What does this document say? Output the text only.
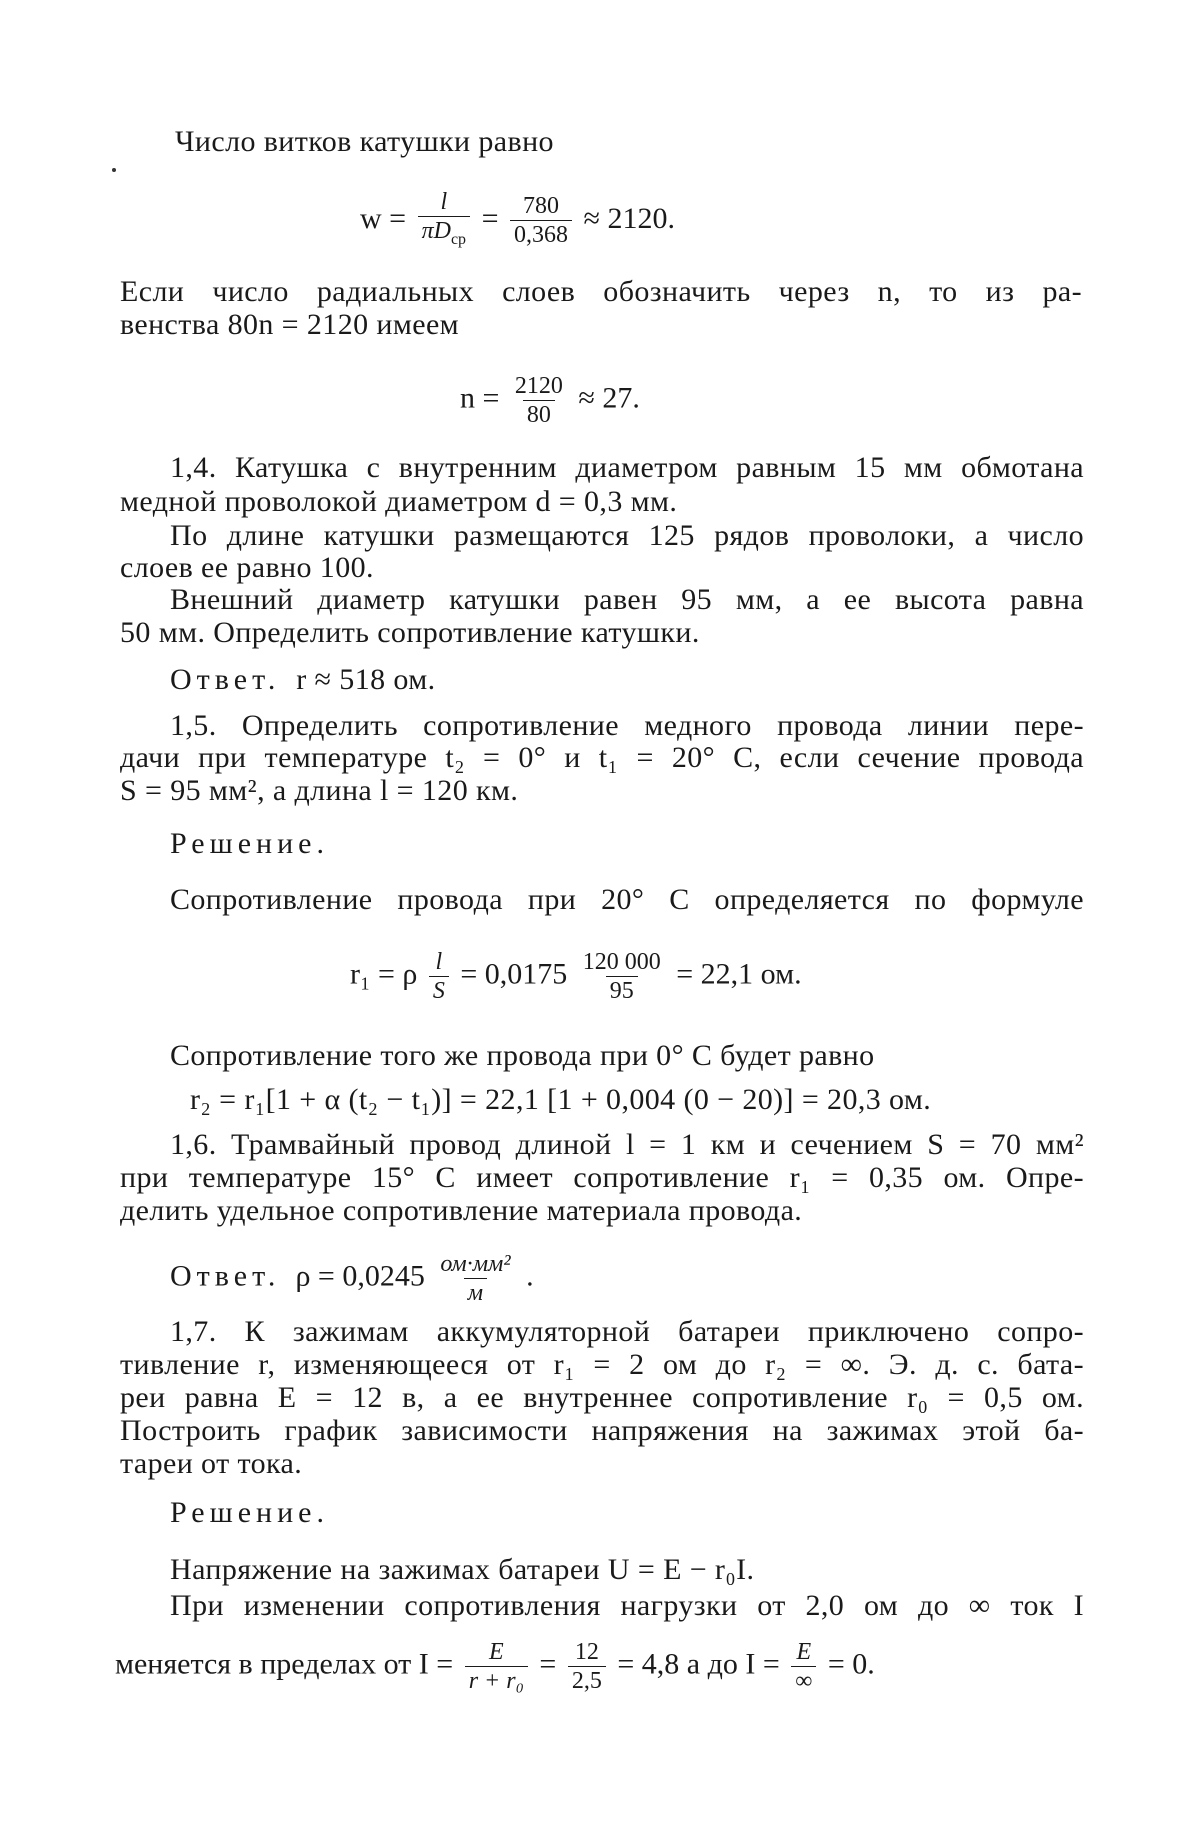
Число витков катушки равно
$w = \frac{l}{\pi D_{ср}} = \frac{780}{0,368} \approx 2120$.
Если число радиальных слоев обозначить через n, то из ра-
венства 80n = 2120 имеем
$n = \frac{2120}{80} \approx 27$.
1,4. Катушка с внутренним диаметром равным 15 мм обмотана
медной проволокой диаметром d = 0,3 мм.
По длине катушки размещаются 125 рядов проволоки, а число
слоев ее равно 100.
Внешний диаметр катушки равен 95 мм, а ее высота равна
50 мм. Определить сопротивление катушки.
Ответ. r ≈ 518 ом.
1,5. Определить сопротивление медного провода линии пере-
дачи при температуре t₂ = 0° и t₁ = 20° С, если сечение провода
S = 95 мм², а длина l = 120 км.
Решение.
Сопротивление провода при 20° С определяется по формуле
r₁ = ρ $\frac{l}{S} = 0,0175 \frac{120 000}{95} = 22,1$ ом.
Сопротивление того же провода при 0° С будет равно
r₂ = r₁[1 + α (t₂ − t₁)] = 22,1 [1 + 0,004 (0 − 20)] = 20,3 ом.
1,6. Трамвайный провод длиной l = 1 км и сечением S = 70 мм²
при температуре 15° С имеет сопротивление r₁ = 0,35 ом. Опре-
делить удельное сопротивление материала провода.
Ответ. $\rho = 0,0245 \frac{\text{ом·мм²}}{м}$ .
1,7. К зажимам аккумуляторной батареи приключено сопро-
тивление r, изменяющееся от r₁ = 2 ом до r₂ = ∞. Э. д. с. бата-
реи равна E = 12 в, а ее внутреннее сопротивление r₀ = 0,5 ом.
Построить график зависимости напряжения на зажимах этой ба-
тареи от тока.
Решение.
Напряжение на зажимах батареи U = E − r₀I.
При изменении сопротивления нагрузки от 2,0 ом до ∞ ток I
меняется в пределах от $I = \frac{E}{\text{r + r₀}} = \frac{12}{2,5} = 4,8$ а до $I = \frac{E}{\infty} = 0$.
